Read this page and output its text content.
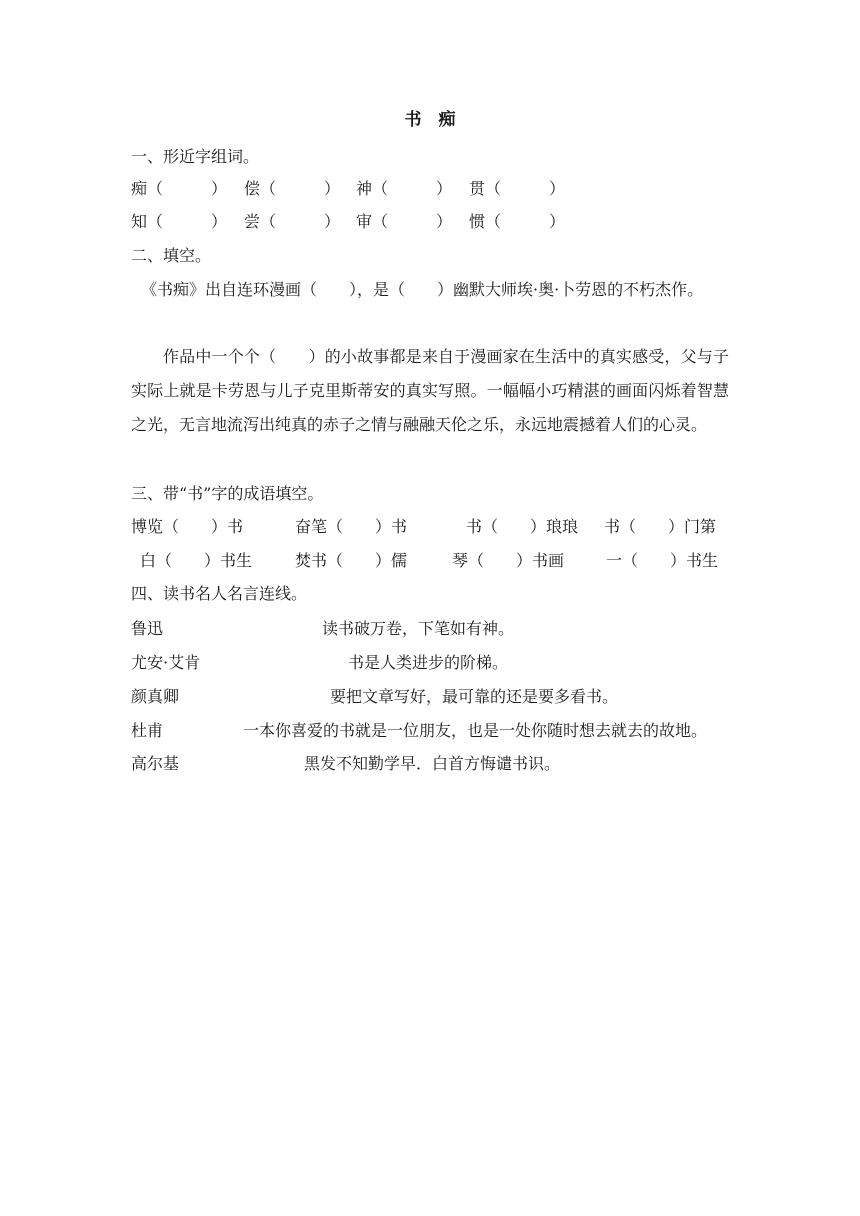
书　痴
一、形近字组词。
痴（　　　） 偿（　　　） 神（　　　） 贯（　　　）
知（　　　） 尝（　　　） 审（　　　） 惯（　　　）
二、填空。
《书痴》出自连环漫画（　　），是（　　）幽默大师埃·奥·卜劳恩的不朽杰作。
作品中一个个（　　）的小故事都是来自于漫画家在生活中的真实感受，父与子实际上就是卡劳恩与儿子克里斯蒂安的真实写照。一幅幅小巧精湛的画面闪烁着智慧之光，无言地流泻出纯真的赤子之情与融融天伦之乐，永远地震撼着人们的心灵。
三、带“书”字的成语填空。
博览（　　）书	奋笔（　　）书	书（　　）琅琅 书（　　）门第
白（　　）书生	焚书（　　）儒	琴（　　）书画	一（　　）书生
四、读书名人名言连线。
鲁迅	读书破万卷，下笔如有神。
尤安·艾肯	书是人类进步的阶梯。
颜真卿	要把文章写好，最可靠的还是要多看书。
杜甫	一本你喜爱的书就是一位朋友，也是一处你随时想去就去的故地。
高尔基	黑发不知勤学早．白首方悔谴书识。
